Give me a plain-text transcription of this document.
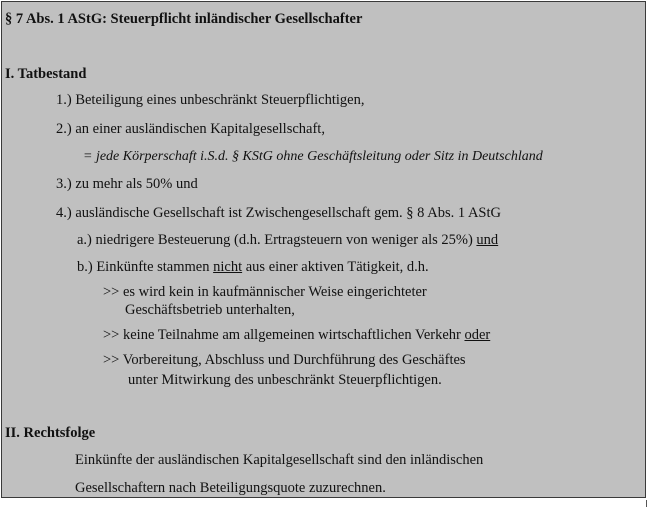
§ 7 Abs. 1 AStG: Steuerpflicht inländischer Gesellschafter
I. Tatbestand
1.) Beteiligung eines unbeschränkt Steuerpflichtigen,
2.) an einer ausländischen Kapitalgesellschaft,
= jede Körperschaft i.S.d. § KStG ohne Geschäftsleitung oder Sitz in Deutschland
3.) zu mehr als 50% und
4.) ausländische Gesellschaft ist Zwischengesellschaft gem. § 8 Abs. 1 AStG
a.) niedrigere Besteuerung (d.h. Ertragsteuern von weniger als 25%) und
b.) Einkünfte stammen nicht aus einer aktiven Tätigkeit, d.h.
>> es wird kein in kaufmännischer Weise eingerichteter
Geschäftsbetrieb unterhalten,
>> keine Teilnahme am allgemeinen wirtschaftlichen Verkehr oder
>> Vorbereitung, Abschluss und Durchführung des Geschäftes
unter Mitwirkung des unbeschränkt Steuerpflichtigen.
II. Rechtsfolge
Einkünfte der ausländischen Kapitalgesellschaft sind den inländischen
Gesellschaftern nach Beteiligungsquote zuzurechnen.
